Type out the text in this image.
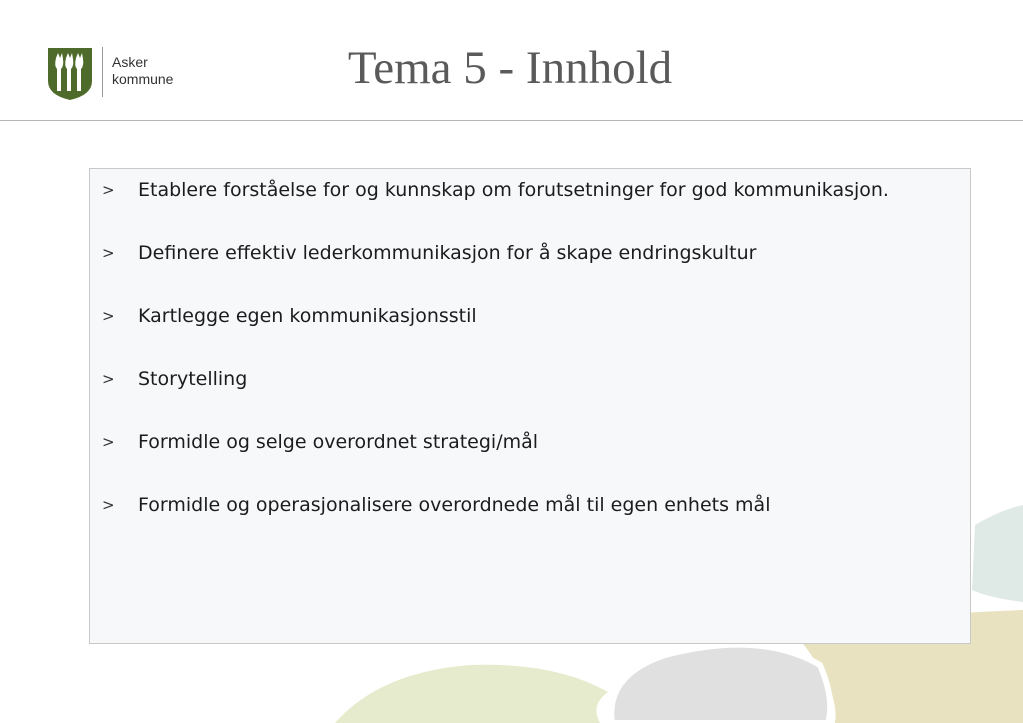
Asker
kommune	Tema 5 - Innhold
> Etablere forståelse for og kunnskap om forutsetninger for god kommunikasjon.
> Definere effektiv lederkommunikasjon for å skape endringskultur
> Kartlegge egen kommunikasjonsstil
> Storytelling
> Formidle og selge overordnet strategi/mål
> Formidle og operasjonalisere overordnede mål til egen enhets mål
